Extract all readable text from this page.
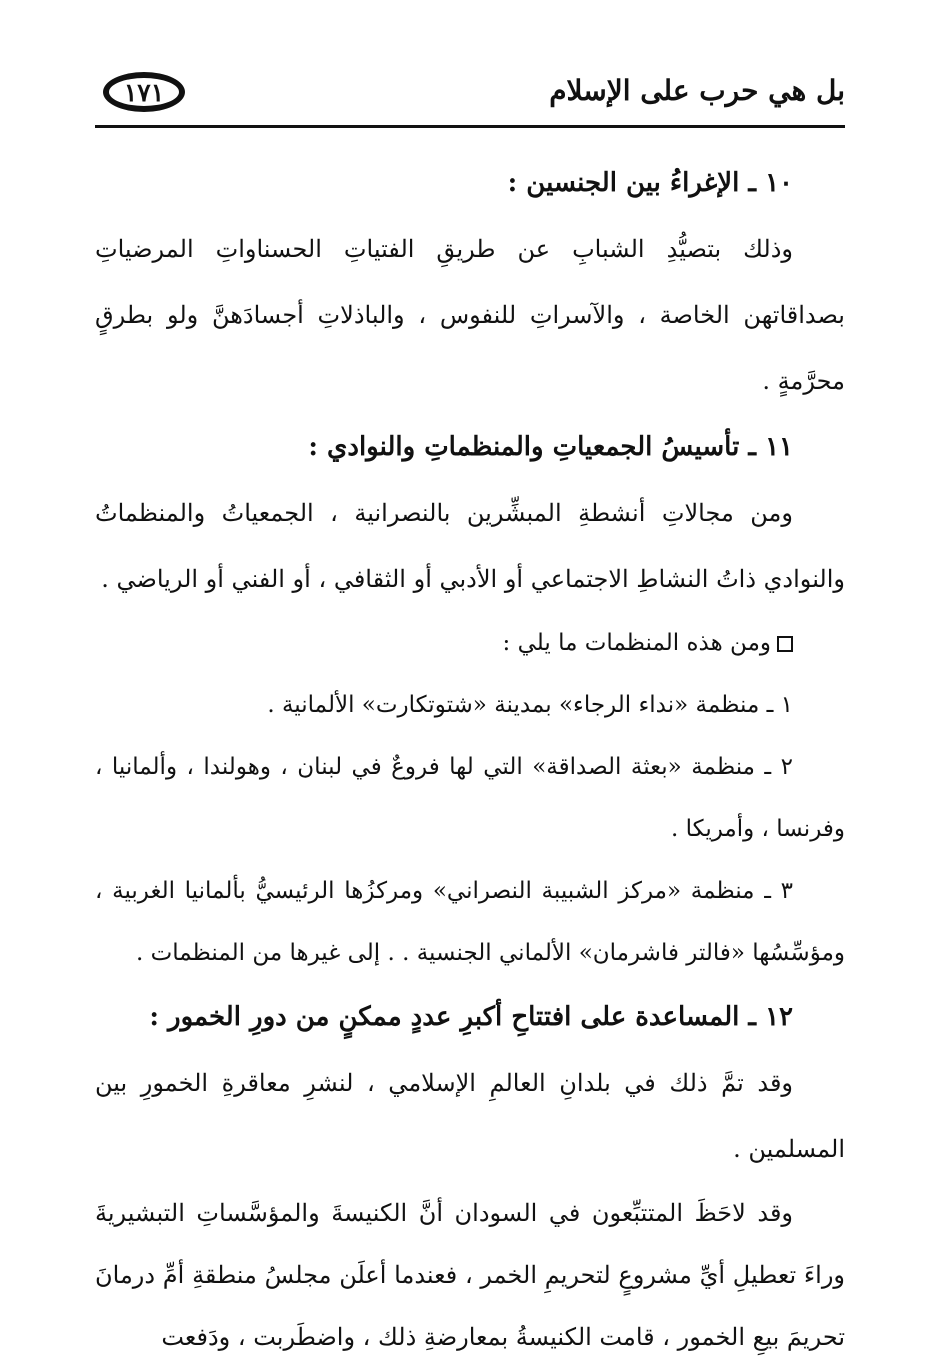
بل هي حرب على الإسلام
١٧١

١٠ ـ الإغراءُ بين الجنسين :

وذلك بتصيُّدِ الشبابِ عن طريقِ الفتياتِ الحسناواتِ المرضياتِ بصداقاتهن الخاصة ، والآسراتِ للنفوس ، والباذلاتِ أجسادَهنَّ ولو بطرقٍ محرَّمةٍ .

١١ ـ تأسيسُ الجمعياتِ والمنظماتِ والنوادي :

ومن مجالاتِ أنشطةِ المبشِّرين بالنصرانية ، الجمعياتُ والمنظماتُ والنوادي ذاتُ النشاطِ الاجتماعي أو الأدبي أو الثقافي ، أو الفني أو الرياضي .

ومن هذه المنظمات ما يلي :

١ ـ منظمة «نداء الرجاء» بمدينة «شتوتكارت» الألمانية .

٢ ـ منظمة «بعثة الصداقة» التي لها فروعٌ في لبنان ، وهولندا ، وألمانيا ، وفرنسا ، وأمريكا .

٣ ـ منظمة «مركز الشبيبة النصراني» ومركزُها الرئيسيُّ بألمانيا الغربية ، ومؤسِّسُها «فالتر فاشرمان» الألماني الجنسية . . إلى غيرها من المنظمات .

١٢ ـ المساعدة على افتتاحِ أكبرِ عددٍ ممكنٍ من دورِ الخمور :

وقد تمَّ ذلك في بلدانِ العالمِ الإسلامي ، لنشرِ معاقرةِ الخمورِ بين المسلمين .

وقد لاحَظَ المتتبِّعون في السودان أنَّ الكنيسةَ والمؤسَّساتِ التبشيريةَ وراءَ تعطيلِ أيِّ مشروعٍ لتحريمِ الخمر ، فعندما أعلَن مجلسُ منطقةِ أمِّ درمانَ تحريمَ بيعِ الخمور ، قامت الكنيسةُ بمعارضةِ ذلك ، واضطَربت ، ودَفعت
